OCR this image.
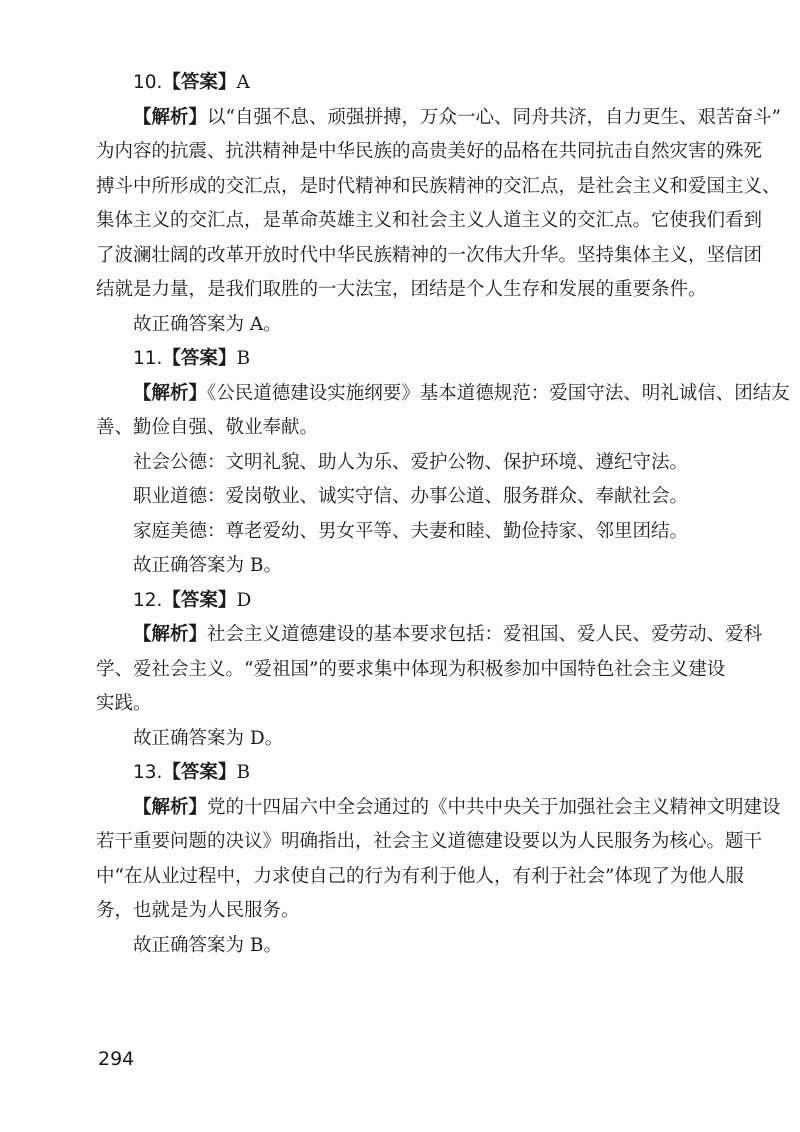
10.【答案】A

【解析】以“自强不息、顽强拼搏，万众一心、同舟共济，自力更生、艰苦奋斗”

为内容的抗震、抗洪精神是中华民族的高贵美好的品格在共同抗击自然灾害的殊死

搏斗中所形成的交汇点，是时代精神和民族精神的交汇点，是社会主义和爱国主义、

集体主义的交汇点，是革命英雄主义和社会主义人道主义的交汇点。它使我们看到

了波澜壮阔的改革开放时代中华民族精神的一次伟大升华。坚持集体主义，坚信团

结就是力量，是我们取胜的一大法宝，团结是个人生存和发展的重要条件。

故正确答案为 A。

11.【答案】B

【解析】《公民道德建设实施纲要》基本道德规范：爱国守法、明礼诚信、团结友

善、勤俭自强、敬业奉献。

社会公德：文明礼貌、助人为乐、爱护公物、保护环境、遵纪守法。

职业道德：爱岗敬业、诚实守信、办事公道、服务群众、奉献社会。

家庭美德：尊老爱幼、男女平等、夫妻和睦、勤俭持家、邻里团结。

故正确答案为 B。

12.【答案】D

【解析】社会主义道德建设的基本要求包括：爱祖国、爱人民、爱劳动、爱科

学、爱社会主义。“爱祖国”的要求集中体现为积极参加中国特色社会主义建设

实践。

故正确答案为 D。

13.【答案】B

【解析】党的十四届六中全会通过的《中共中央关于加强社会主义精神文明建设

若干重要问题的决议》明确指出，社会主义道德建设要以为人民服务为核心。题干

中“在从业过程中，力求使自己的行为有利于他人，有利于社会”体现了为他人服

务，也就是为人民服务。

故正确答案为 B。

294
